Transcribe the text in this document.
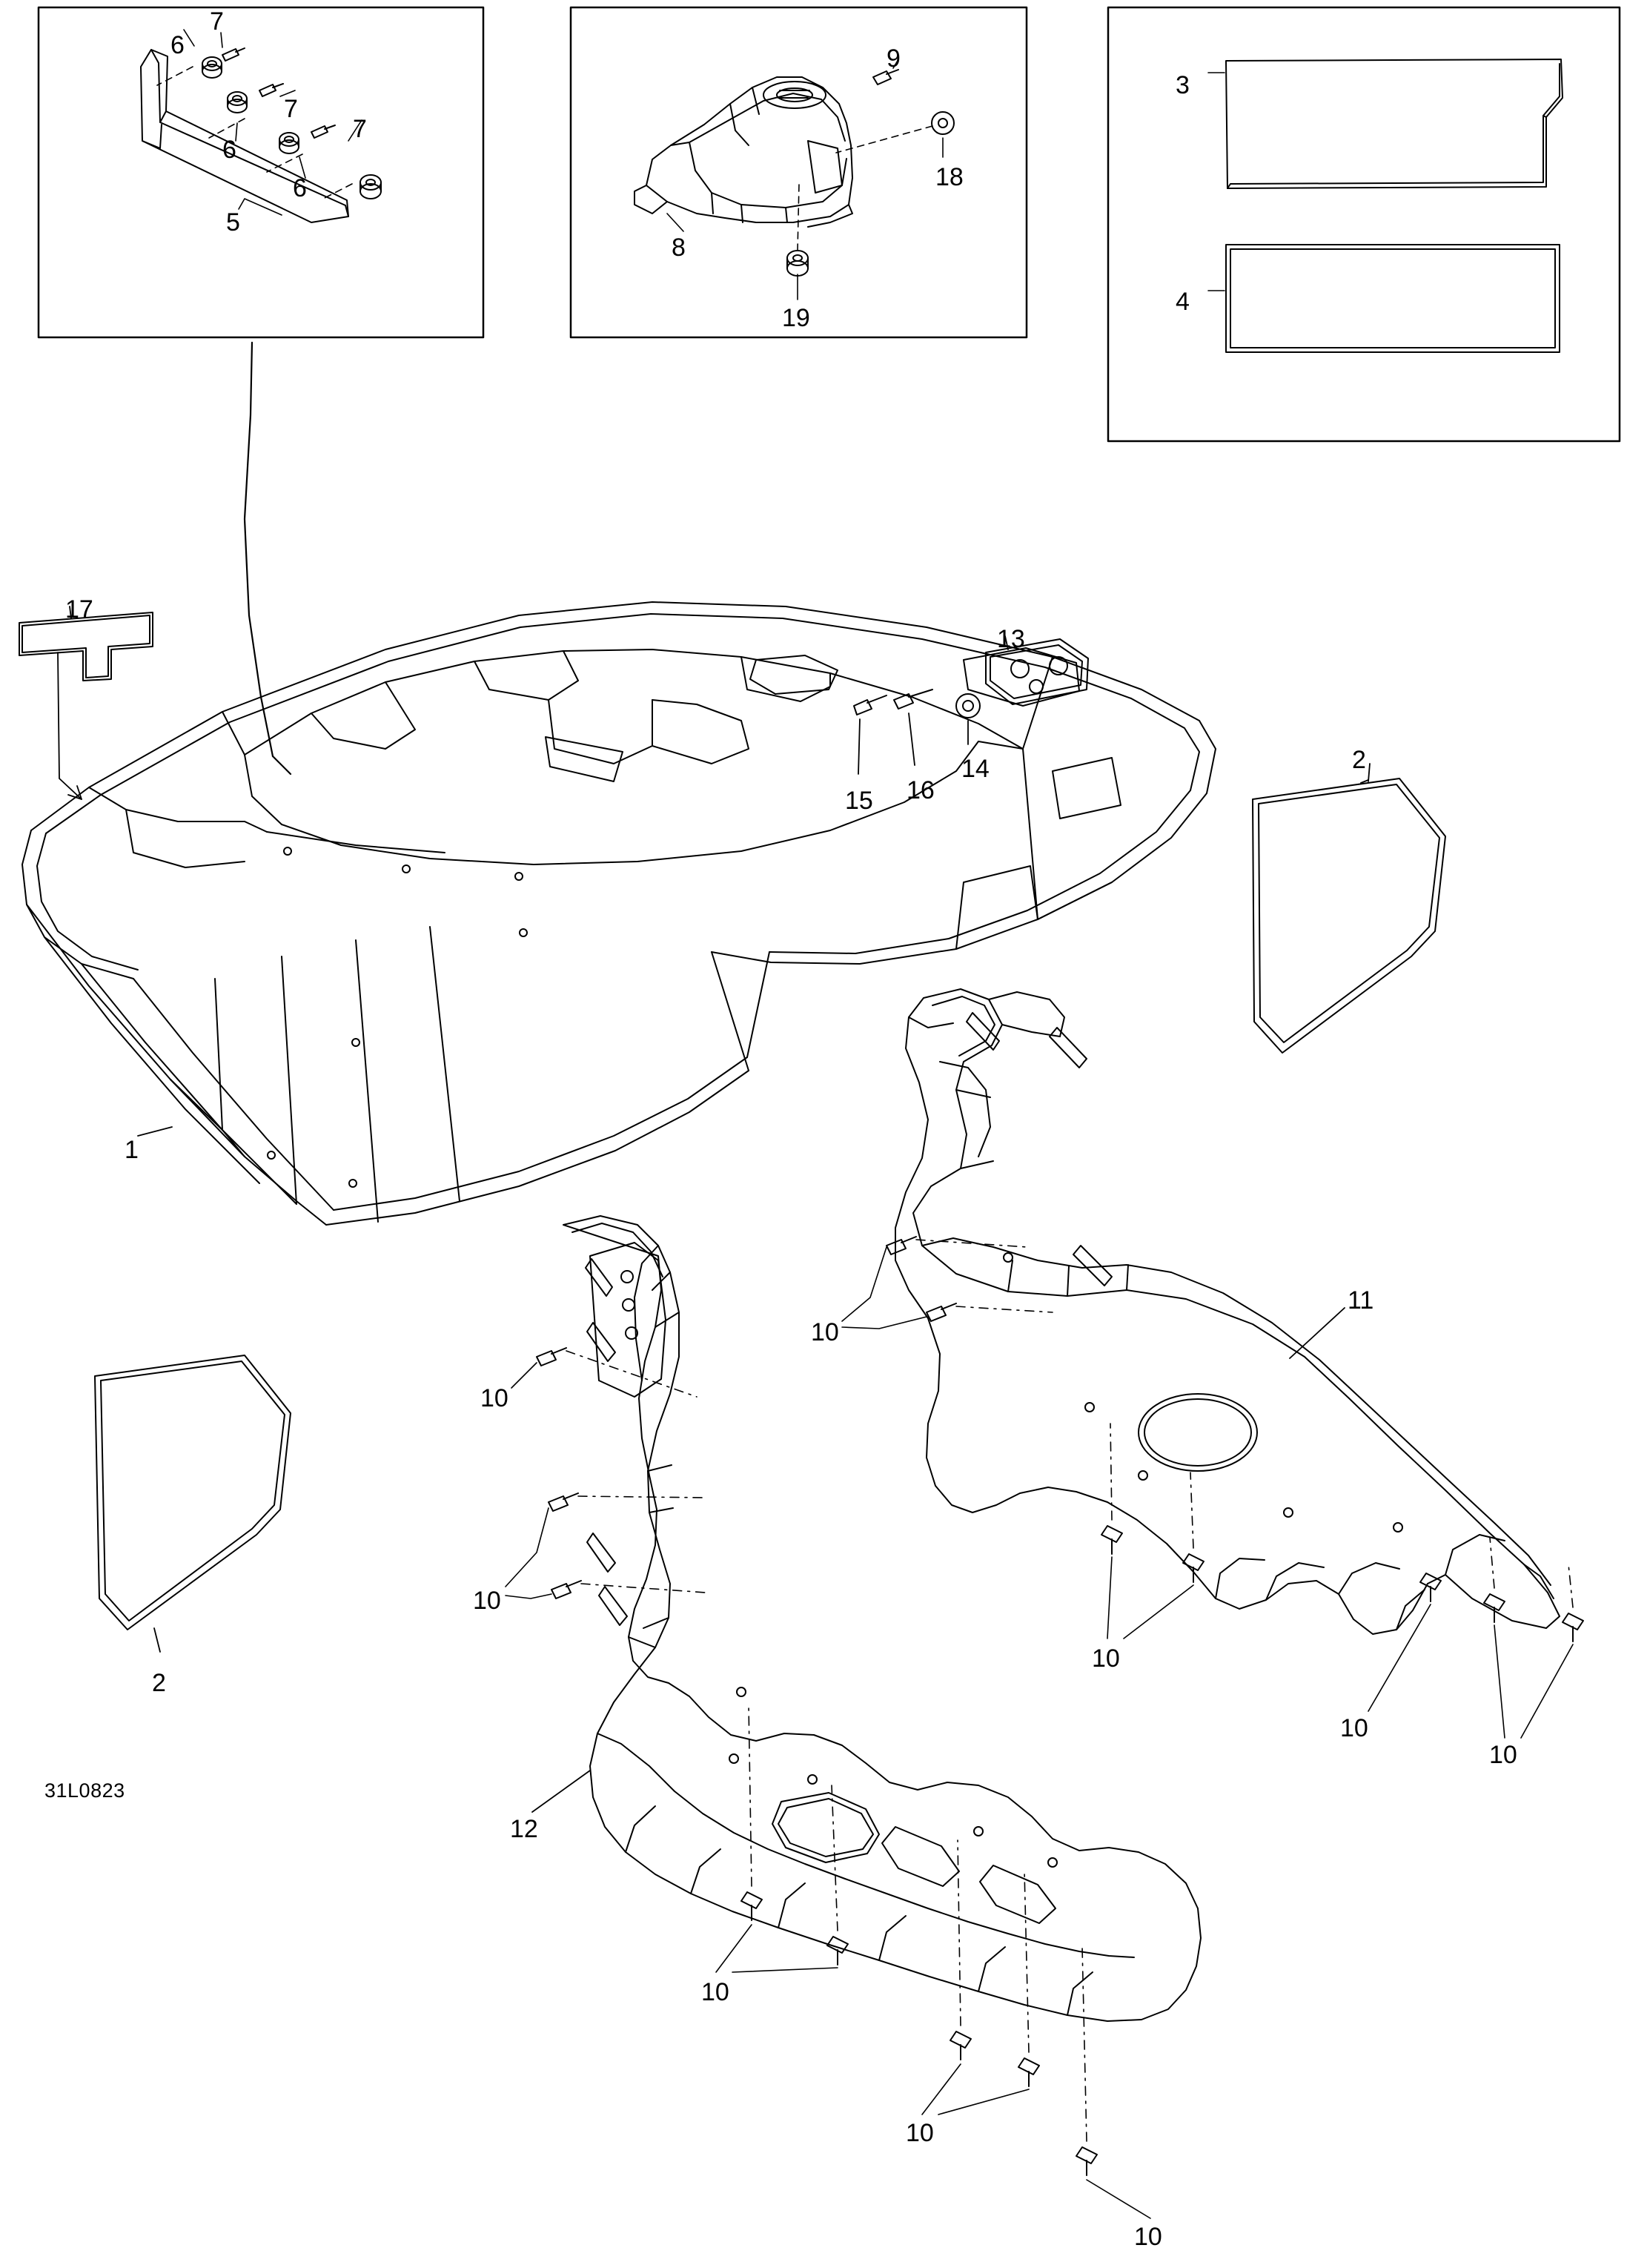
7
6
7
7
6
6
5
9
18
8
19
3
4
17
13
14
16
15
2
1
11
10
10
10
2
10
10
10
12
10
10
10
31L0823
